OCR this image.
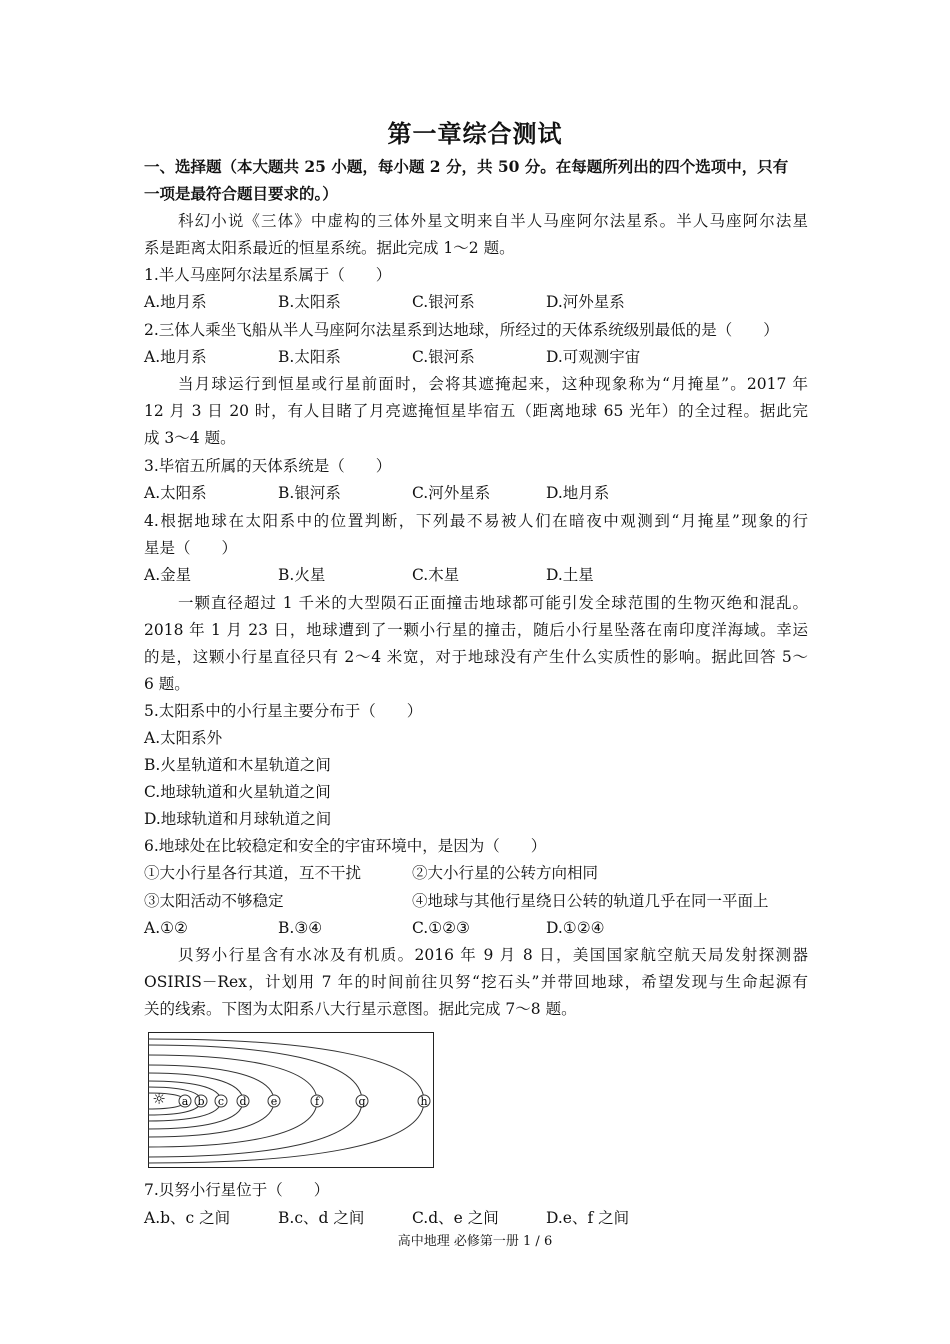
第一章综合测试
一、选择题（本大题共 25 小题，每小题 2 分，共 50 分。在每题所列出的四个选项中，只有
一项是最符合题目要求的。）
科幻小说《三体》中虚构的三体外星文明来自半人马座阿尔法星系。半人马座阿尔法星
系是距离太阳系最近的恒星系统。据此完成 1～2 题。
1.半人马座阿尔法星系属于（　　）
A.地月系	B.太阳系	C.银河系	D.河外星系
2.三体人乘坐飞船从半人马座阿尔法星系到达地球，所经过的天体系统级别最低的是（　　）
A.地月系	B.太阳系	C.银河系	D.可观测宇宙
当月球运行到恒星或行星前面时，会将其遮掩起来，这种现象称为“月掩星”。2017 年
12 月 3 日 20 时，有人目睹了月亮遮掩恒星毕宿五（距离地球 65 光年）的全过程。据此完
成 3～4 题。
3.毕宿五所属的天体系统是（　　）
A.太阳系	B.银河系	C.河外星系	D.地月系
4.根据地球在太阳系中的位置判断，下列最不易被人们在暗夜中观测到“月掩星”现象的行
星是（　　）
A.金星	B.火星	C.木星	D.土星
一颗直径超过 1 千米的大型陨石正面撞击地球都可能引发全球范围的生物灭绝和混乱。
2018 年 1 月 23 日，地球遭到了一颗小行星的撞击，随后小行星坠落在南印度洋海域。幸运
的是，这颗小行星直径只有 2～4 米宽，对于地球没有产生什么实质性的影响。据此回答 5～
6 题。
5.太阳系中的小行星主要分布于（　　）
A.太阳系外
B.火星轨道和木星轨道之间
C.地球轨道和火星轨道之间
D.地球轨道和月球轨道之间
6.地球处在比较稳定和安全的宇宙环境中，是因为（　　）
①大小行星各行其道，互不干扰	②大小行星的公转方向相同
③太阳活动不够稳定	④地球与其他行星绕日公转的轨道几乎在同一平面上
A.①②	B.③④	C.①②③	D.①②④
贝努小行星含有水冰及有机质。2016 年 9 月 8 日，美国国家航空航天局发射探测器
OSIRIS－Rex，计划用 7 年的时间前往贝努“挖石头”并带回地球，希望发现与生命起源有
关的线索。下图为太阳系八大行星示意图。据此完成 7～8 题。
a b c d e	f	g	h
☼
7.贝努小行星位于（　　）
A.b、c 之间	B.c、d 之间	C.d、e 之间	D.e、f 之间
高中地理 必修第一册 1 / 6
